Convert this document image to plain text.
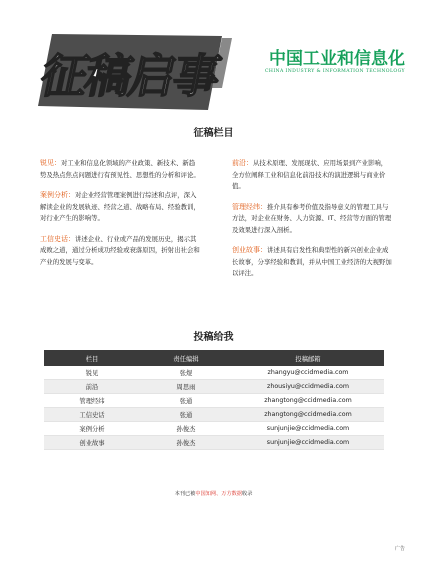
征稿启事	中国工业和信息化
CHINA INDUSTRY & INFORMATION TECHNOLOGY
征稿栏目
锐见：对工业和信息化领域的产业政策、新技术、新趋势及热点焦点问题进行有预见性、思想性的分析和评论。
案例分析：对企业经营管理案例进行综述和点评，深入解读企业的发展轨迹、经营之道、战略布局、经验教训，对行业产生的影响等。
工信史话：讲述企业、行业或产品的发展历史，揭示其成败之道，通过分析成功经验或衰落原因，折射出社会和产业的发展与变革。
前沿：从技术原理、发展现状、应用场景到产业影响，全方位阐释工业和信息化前沿技术的演进逻辑与商业价值。
管理经纬：推介具有参考价值及指导意义的管理工具与方法，对企业在财务、人力资源、IT、经营等方面的管理及效果进行深入剖析。
创业故事：讲述具有启发性和典型性的新兴创业企业成长故事，分享经验和教训，并从中国工业经济的大视野加以评注。
投稿给我
栏目	责任编辑	投稿邮箱
锐见	张煜	zhangyu@ccidmedia.com
前沿	周思雨	zhousiyu@ccidmedia.com
管理经纬	张通	zhangtong@ccidmedia.com
工信史话	张通	zhangtong@ccidmedia.com
案例分析	孙俊杰	sunjunjie@ccidmedia.com
创业故事	孙俊杰	sunjunjie@ccidmedia.com
本刊已被中国知网、万方数据收录
广告
